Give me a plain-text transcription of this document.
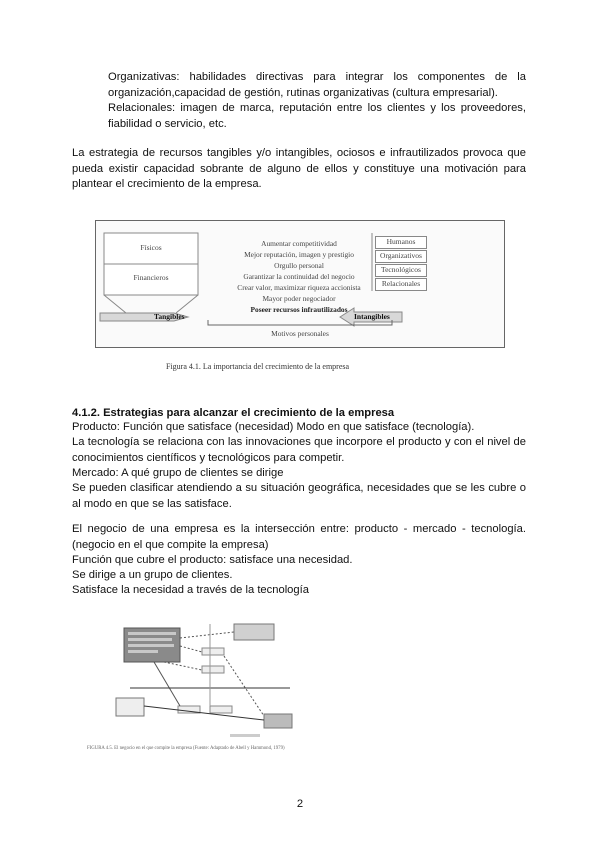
Organizativas: habilidades directivas para integrar los componentes de la organización,capacidad de gestión, rutinas organizativas (cultura empresarial).
Relacionales: imagen de marca, reputación entre los clientes y los proveedores, fiabilidad o servicio, etc.
La estrategia de recursos tangibles y/o intangibles, ociosos e infrautilizados provoca que pueda existir capacidad sobrante de alguno de ellos y constituye una motivación para plantear el crecimiento de la empresa.
Físicos
Financieros
Humanos
Organizativos
Tecnológicos
Relacionales
Aumentar competitividad
Mejor reputación, imagen y prestigio
Orgullo personal
Garantizar la continuidad del negocio
Crear valor, maximizar riqueza accionista
Mayor poder negociador
Poseer recursos infrautilizados
Tangibles	Intangibles
Motivos personales
Figura 4.1. La importancia del crecimiento de la empresa
4.1.2. Estrategias para alcanzar el crecimiento de la empresa
Producto: Función que satisface (necesidad) Modo en que satisface (tecnología).
La tecnología se relaciona con las innovaciones que incorpore el producto y con el nivel de conocimientos científicos y tecnológicos para competir.
Mercado: A qué grupo de clientes se dirige
Se pueden clasificar atendiendo a su situación geográfica, necesidades que se les cubre o al modo en que se las satisface.
El negocio de una empresa es la intersección entre: producto - mercado - tecnología. (negocio en el que compite la empresa)
Función que cubre el producto: satisface una necesidad.
Se dirige a un grupo de clientes.
Satisface la necesidad a través de la tecnología
FIGURA 4.5. El negocio en el que compite la empresa (Fuente: Adaptado de Abell y Hammond, 1979)
2
